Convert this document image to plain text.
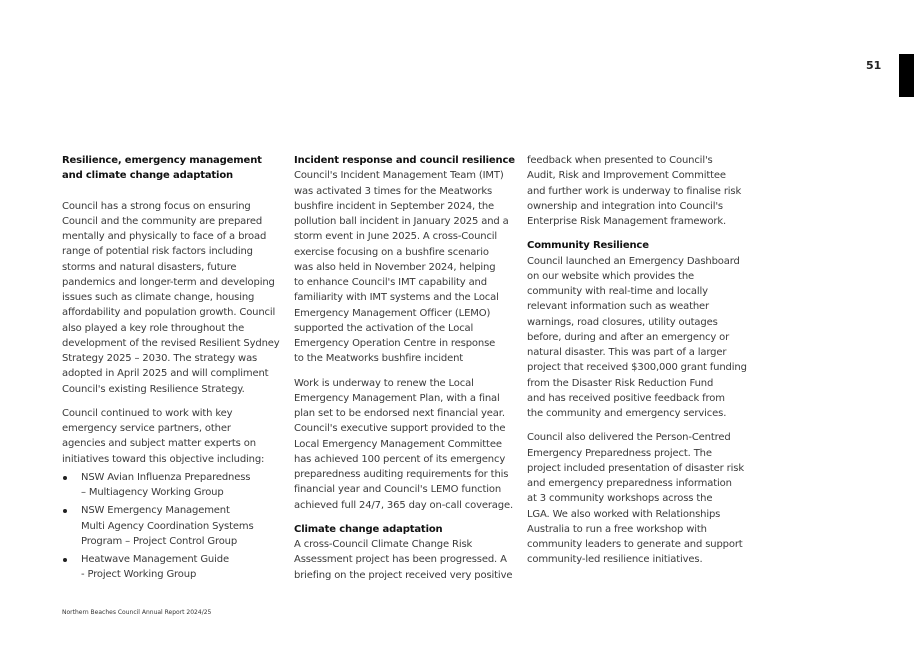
51
Resilience, emergency management
and climate change adaptation
Council has a strong focus on ensuring
Council and the community are prepared
mentally and physically to face of a broad
range of potential risk factors including
storms and natural disasters, future
pandemics and longer-term and developing
issues such as climate change, housing
affordability and population growth. Council
also played a key role throughout the
development of the revised Resilient Sydney
Strategy 2025 – 2030. The strategy was
adopted in April 2025 and will compliment
Council's existing Resilience Strategy.
Council continued to work with key
emergency service partners, other
agencies and subject matter experts on
initiatives toward this objective including:
NSW Avian Influenza Preparedness
– Multiagency Working Group
NSW Emergency Management
Multi Agency Coordination Systems
Program – Project Control Group
Heatwave Management Guide
- Project Working Group
Incident response and council resilience
Council's Incident Management Team (IMT)
was activated 3 times for the Meatworks
bushfire incident in September 2024, the
pollution ball incident in January 2025 and a
storm event in June 2025. A cross-Council
exercise focusing on a bushfire scenario
was also held in November 2024, helping
to enhance Council's IMT capability and
familiarity with IMT systems and the Local
Emergency Management Officer (LEMO)
supported the activation of the Local
Emergency Operation Centre in response
to the Meatworks bushfire incident
Work is underway to renew the Local
Emergency Management Plan, with a final
plan set to be endorsed next financial year.
Council's executive support provided to the
Local Emergency Management Committee
has achieved 100 percent of its emergency
preparedness auditing requirements for this
financial year and Council's LEMO function
achieved full 24/7, 365 day on-call coverage.
Climate change adaptation
A cross-Council Climate Change Risk
Assessment project has been progressed. A
briefing on the project received very positive
feedback when presented to Council's
Audit, Risk and Improvement Committee
and further work is underway to finalise risk
ownership and integration into Council's
Enterprise Risk Management framework.
Community Resilience
Council launched an Emergency Dashboard
on our website which provides the
community with real-time and locally
relevant information such as weather
warnings, road closures, utility outages
before, during and after an emergency or
natural disaster. This was part of a larger
project that received $300,000 grant funding
from the Disaster Risk Reduction Fund
and has received positive feedback from
the community and emergency services.
Council also delivered the Person-Centred
Emergency Preparedness project. The
project included presentation of disaster risk
and emergency preparedness information
at 3 community workshops across the
LGA. We also worked with Relationships
Australia to run a free workshop with
community leaders to generate and support
community-led resilience initiatives.
Northern Beaches Council Annual Report 2024/25
